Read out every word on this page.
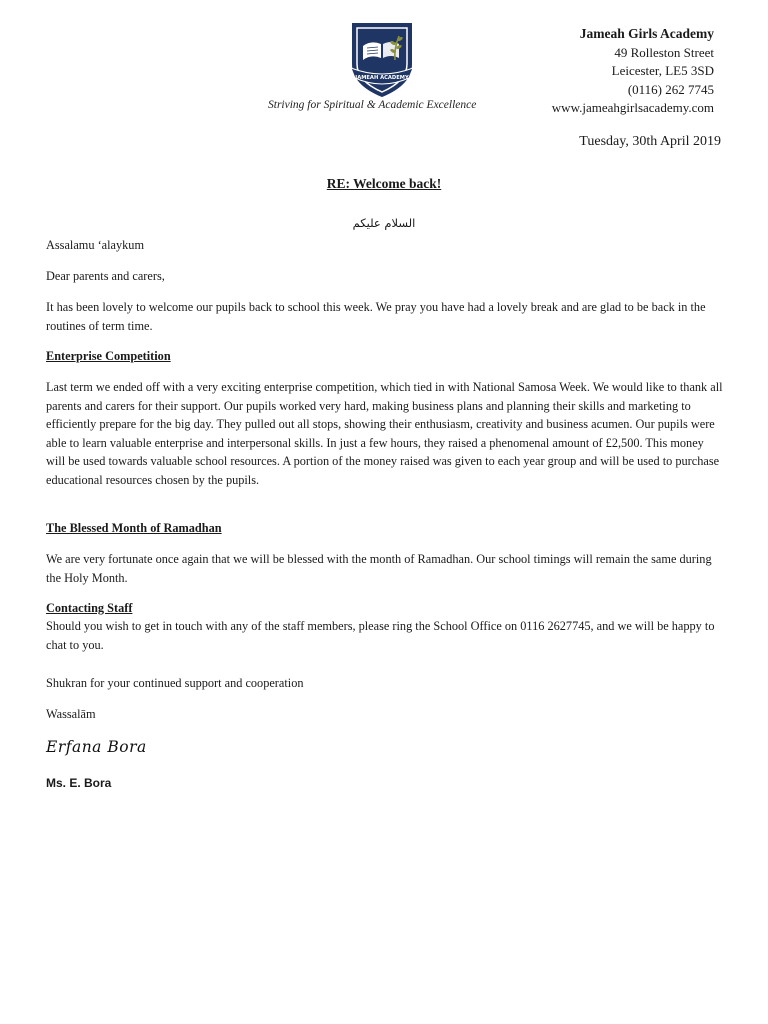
JAMEAH ACADEMY
Striving for Spiritual & Academic Excellence
Jameah Girls Academy
49 Rolleston Street
Leicester, LE5 3SD
(0116) 262 7745
www.jameahgirlsacademy.com
Tuesday, 30th April 2019
RE: Welcome back!
السلام عليكم

Assalamu ‘alaykum

Dear parents and carers,

It has been lovely to welcome our pupils back to school this week. We pray you have had a lovely break and are glad to be back in the routines of term time.

Enterprise Competition

Last term we ended off with a very exciting enterprise competition, which tied in with National Samosa Week. We would like to thank all parents and carers for their support. Our pupils worked very hard, making business plans and planning their skills and marketing to efficiently prepare for the big day. They pulled out all stops, showing their enthusiasm, creativity and business acumen. Our pupils were able to learn valuable enterprise and interpersonal skills. In just a few hours, they raised a phenomenal amount of £2,500. This money will be used towards valuable school resources. A portion of the money raised was given to each year group and will be used to purchase educational resources chosen by the pupils.

The Blessed Month of Ramadhan

We are very fortunate once again that we will be blessed with the month of Ramadhan. Our school timings will remain the same during the Holy Month.

Contacting Staff

Should you wish to get in touch with any of the staff members, please ring the School Office on 0116 2627745, and we will be happy to chat to you.

Shukran for your continued support and cooperation

Wassalām

Erfana Bora
Ms. E. Bora
